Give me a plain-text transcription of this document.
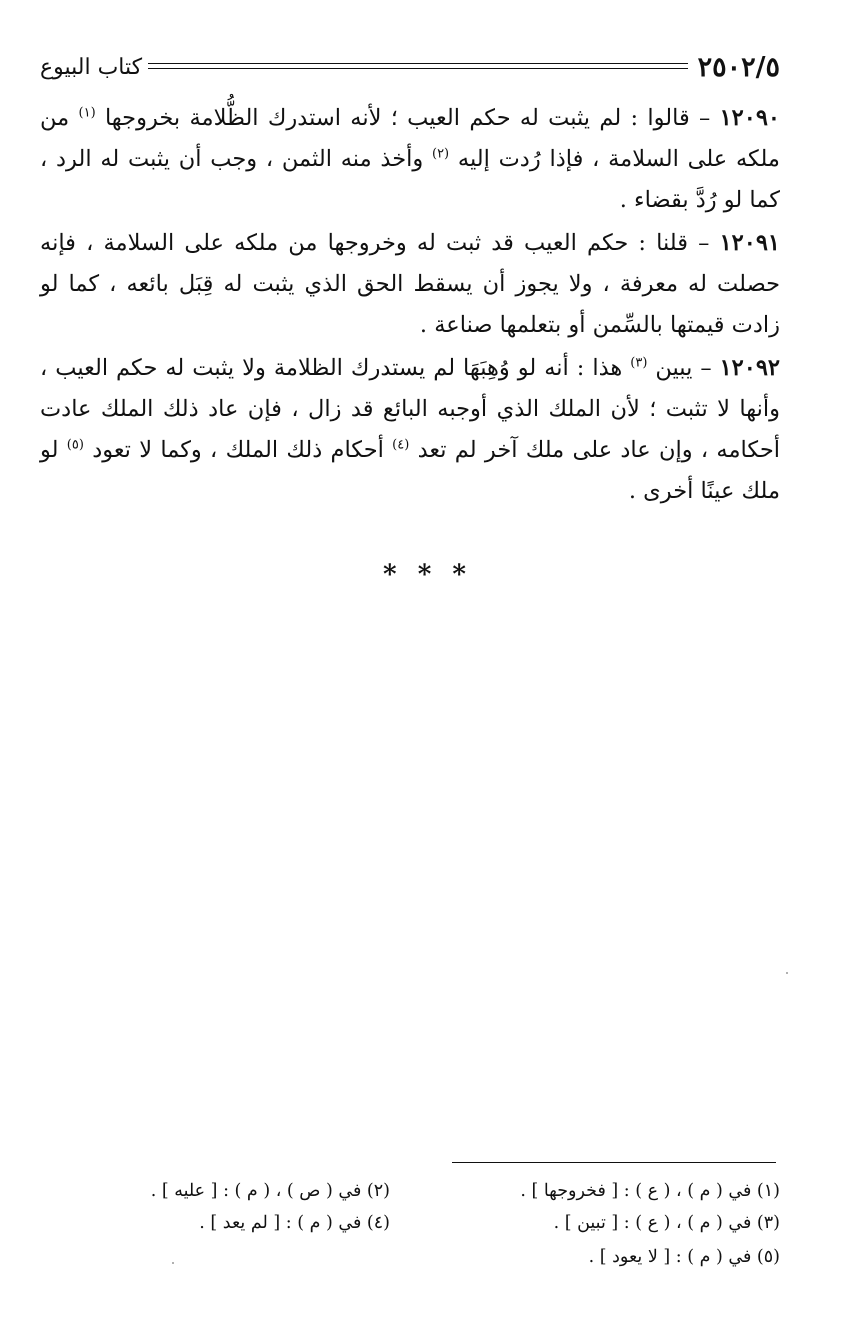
٢٥٠٢/٥
كتاب البيوع

١٢٠٩٠ – قالوا : لم يثبت له حكم العيب ؛ لأنه استدرك الظُّلامة بخروجها $^{(١)}$ من ملكه على السلامة ، فإذا رُدت إليه $^{(٢)}$ وأخذ منه الثمن ، وجب أن يثبت له الرد ، كما لو رُدَّ بقضاء .

١٢٠٩١ – قلنا : حكم العيب قد ثبت له وخروجها من ملكه على السلامة ، فإنه حصلت له معرفة ، ولا يجوز أن يسقط الحق الذي يثبت له قِبَل بائعه ، كما لو زادت قيمتها بالسِّمن أو بتعلمها صناعة .

١٢٠٩٢ – يبين $^{(٣)}$ هذا : أنه لو وُهِبَهَا لم يستدرك الظلامة ولا يثبت له حكم العيب ، وأنها لا تثبت ؛ لأن الملك الذي أوجبه البائع قد زال ، فإن عاد ذلك الملك عادت أحكامه ، وإن عاد على ملك آخر لم تعد $^{(٤)}$ أحكام ذلك الملك ، وكما لا تعود $^{(٥)}$ لو ملك عينًا أخرى .

* * *
(١) في ( م ) ، ( ع ) : [ فخروجها ] .
(٢) في ( ص ) ، ( م ) : [ عليه ] .
(٣) في ( م ) ، ( ع ) : [ تبين ] .
(٤) في ( م ) : [ لم يعد ] .
(٥) في ( م ) : [ لا يعود ] .
